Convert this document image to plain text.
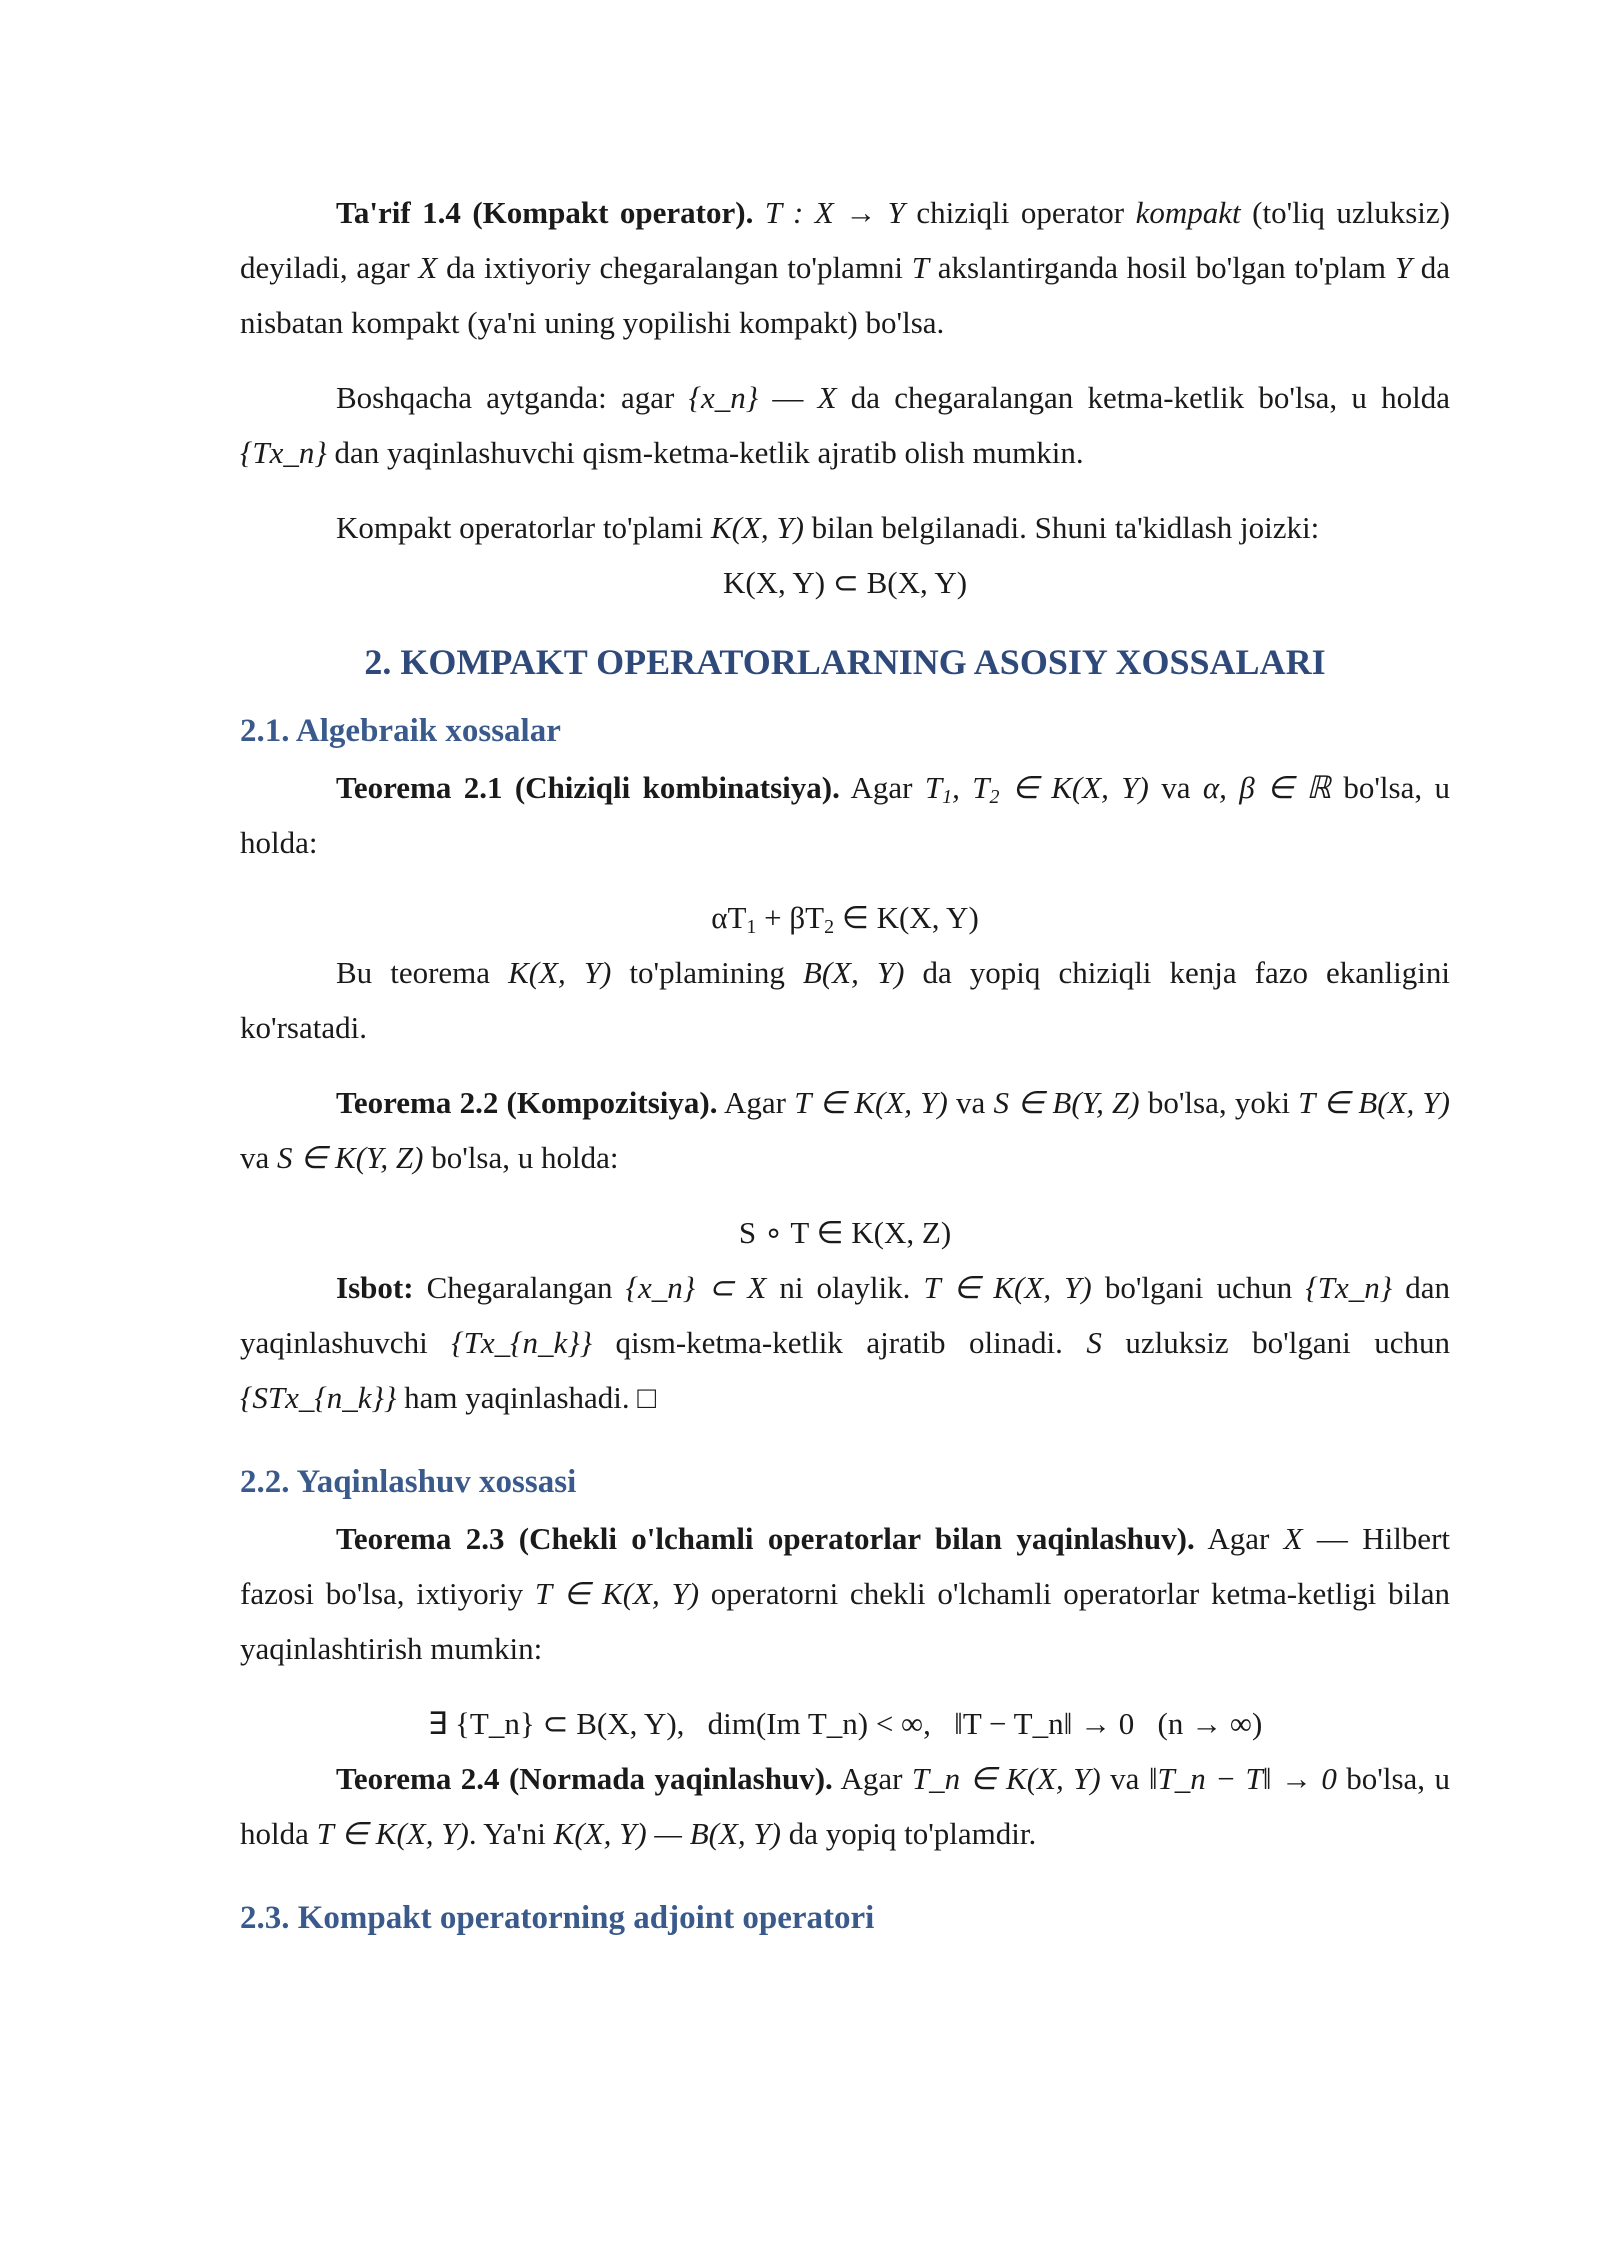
Ta'rif 1.4 (Kompakt operator). T : X → Y chiziqli operator kompakt (to'liq uzluksiz) deyiladi, agar X da ixtiyoriy chegaralangan to'plamni T akslantirganda hosil bo'lgan to'plam Y da nisbatan kompakt (ya'ni uning yopilishi kompakt) bo'lsa.

Boshqacha aytganda: agar {x_n} — X da chegaralangan ketma-ketlik bo'lsa, u holda {Tx_n} dan yaqinlashuvchi qism-ketma-ketlik ajratib olish mumkin.

Kompakt operatorlar to'plami K(X, Y) bilan belgilanadi. Shuni ta'kidlash joizki:

K(X, Y) ⊂ B(X, Y)
2. KOMPAKT OPERATORLARNING ASOSIY XOSSALARI
2.1. Algebraik xossalar

Teorema 2.1 (Chiziqli kombinatsiya). Agar $T_1$, $T_2$ ∈ K(X, Y) va α, β ∈ ℝ bo'lsa, u holda:

$\alpha T_1 + \beta T_2$ ∈ K(X, Y)

Bu teorema K(X, Y) to'plamining B(X, Y) da yopiq chiziqli kenja fazo ekanligini ko'rsatadi.

Teorema 2.2 (Kompozitsiya). Agar T ∈ K(X, Y) va S ∈ B(Y, Z) bo'lsa, yoki T ∈ B(X, Y) va S ∈ K(Y, Z) bo'lsa, u holda:

S ∘ T ∈ K(X, Z)

Isbot: Chegaralangan {x_n} ⊂ X ni olaylik. T ∈ K(X, Y) bo'lgani uchun {Tx_n} dan yaqinlashuvchi {Tx_{n_k}} qism-ketma-ketlik ajratib olinadi. S uzluksiz bo'lgani uchun {STx_{n_k}} ham yaqinlashadi. □

2.2. Yaqinlashuv xossasi

Teorema 2.3 (Chekli o'lchamli operatorlar bilan yaqinlashuv). Agar X — Hilbert fazosi bo'lsa, ixtiyoriy T ∈ K(X, Y) operatorni chekli o'lchamli operatorlar ketma-ketligi bilan yaqinlashtirish mumkin:

∃ {T_n} ⊂ B(X, Y),   dim(Im T_n) < ∞,   ‖T − T_n‖ → 0   (n → ∞)

Teorema 2.4 (Normada yaqinlashuv). Agar T_n ∈ K(X, Y) va ‖T_n − T‖ → 0 bo'lsa, u holda T ∈ K(X, Y). Ya'ni K(X, Y) — B(X, Y) da yopiq to'plamdir.

2.3. Kompakt operatorning adjoint operatori
